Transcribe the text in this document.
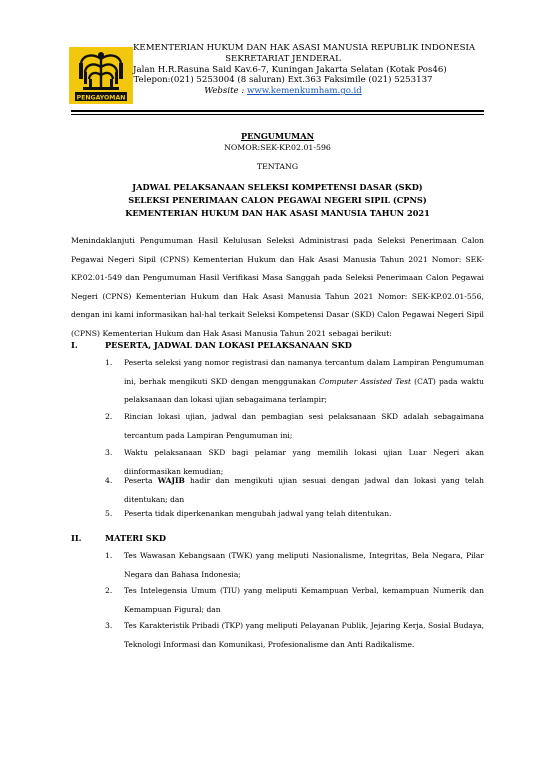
PENGAYOMAN
KEMENTERIAN HUKUM DAN HAK ASASI MANUSIA REPUBLIK INDONESIA
SEKRETARIAT JENDERAL
Jalan H.R.Rasuna Said Kav.6-7, Kuningan Jakarta Selatan (Kotak Pos46)
Telepon:(021) 5253004 (8 saluran) Ext.363 Faksimile (021) 5253137
Website : www.kemenkumham.go.id
PENGUMUMAN
NOMOR:SEK-KP.02.01-596
TENTANG
JADWAL PELAKSANAAN SELEKSI KOMPETENSI DASAR (SKD)
SELEKSI PENERIMAAN CALON PEGAWAI NEGERI SIPIL (CPNS)
KEMENTERIAN HUKUM DAN HAK ASASI MANUSIA TAHUN 2021
Menindaklanjuti Pengumuman Hasil Kelulusan Seleksi Administrasi pada Seleksi Penerimaan Calon Pegawai Negeri Sipil (CPNS) Kementerian Hukum dan Hak Asasi Manusia Tahun 2021 Nomor: SEK-KP.02.01-549 dan Pengumuman Hasil Verifikasi Masa Sanggah pada Seleksi Penerimaan Calon Pegawai Negeri (CPNS) Kementerian Hukum dan Hak Asasi Manusia Tahun 2021 Nomor: SEK-KP.02.01-556, dengan ini kami informasikan hal-hal terkait Seleksi Kompetensi Dasar (SKD) Calon Pegawai Negeri Sipil (CPNS) Kementerian Hukum dan Hak Asasi Manusia Tahun 2021 sebagai berikut:
I.	PESERTA, JADWAL DAN LOKASI PELAKSANAAN SKD
1. Peserta seleksi yang nomor registrasi dan namanya tercantum dalam Lampiran Pengumuman ini, berhak mengikuti SKD dengan menggunakan Computer Assisted Test (CAT) pada waktu pelaksanaan dan lokasi ujian sebagaimana terlampir;
2. Rincian lokasi ujian, jadwal dan pembagian sesi pelaksanaan SKD adalah sebagaimana tercantum pada Lampiran Pengumuman ini;
3. Waktu pelaksanaan SKD bagi pelamar yang memilih lokasi ujian Luar Negeri akan diinformasikan kemudian;
4. Peserta WAJIB hadir dan mengikuti ujian sesuai dengan jadwal dan lokasi yang telah ditentukan; dan
5. Peserta tidak diperkenankan mengubah jadwal yang telah ditentukan.
II.	MATERI SKD
1. Tes Wawasan Kebangsaan (TWK) yang meliputi Nasionalisme, Integritas, Bela Negara, Pilar Negara dan Bahasa Indonesia;
2. Tes Intelegensia Umum (TIU) yang meliputi Kemampuan Verbal, kemampuan Numerik dan Kemampuan Figural; dan
3. Tes Karakteristik Pribadi (TKP) yang meliputi Pelayanan Publik, Jejaring Kerja, Sosial Budaya, Teknologi Informasi dan Komunikasi, Profesionalisme dan Anti Radikalisme.
